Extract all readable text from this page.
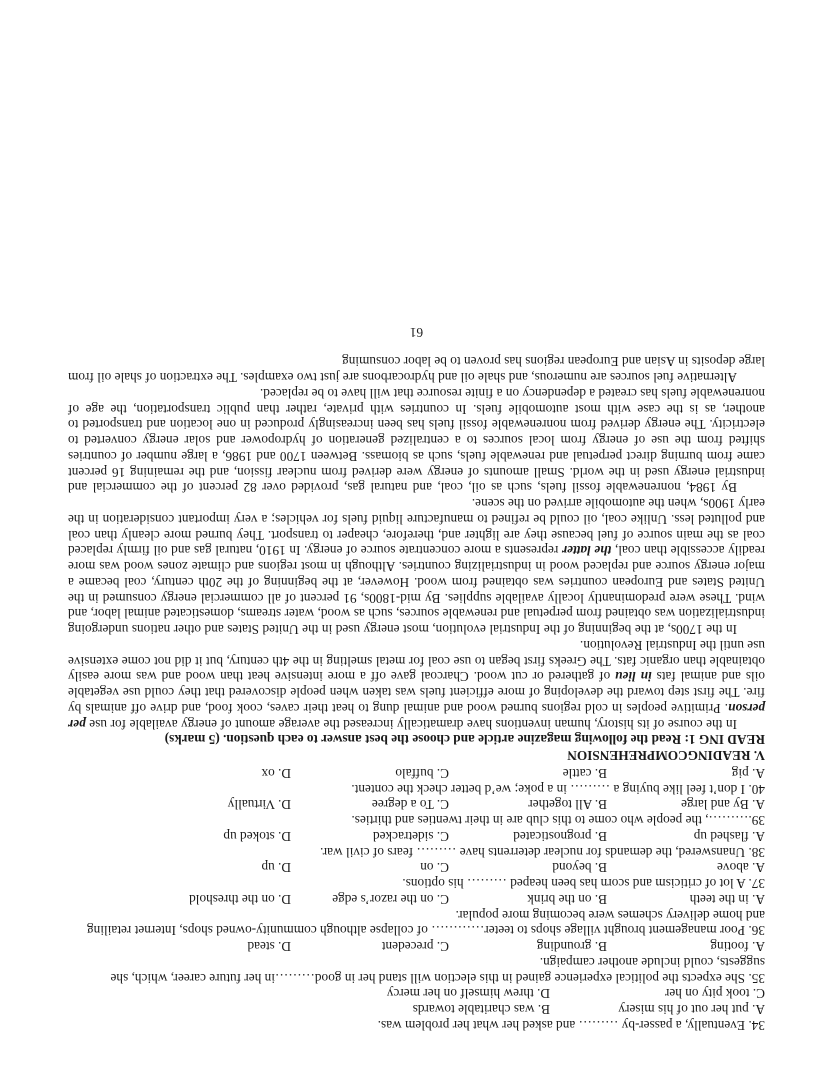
34. Eventually, a passer-by ……… and asked her what her problem was.

A. put her out of his misery
B. was charitable towards
C. took pity on her
D. threw himself on her mercy

35. She expects the political experience gained in this election will stand her in good………in her future career, which, she suggests, could include another campaign.

A. footing
B. grounding
C. precedent
D. stead

36. Poor management brought village shops to teeter………… of collapse although community-owned shops, Internet retailing and home delivery schemes were becoming more popular.

A. in the teeth
B. on the brink
C. on the razor’s edge
D. on the threshold

37. A lot of criticism and scorn has been heaped ……… his options.

A. above
B. beyond
C. on
D. up

38. Unanswered, the demands for nuclear deterrents have ……… fears of civil war.

A. flashed up
B. prognosticated
C. sidetracked
D. stoked up

39.………, the people who come to this club are in their twenties and thirties.

A. By and large
B. All together
C. To a degree
D. Virtually

40. I don’t feel like buying a ……… in a poke; we’d better check the content.

A. pig
B. cattle
C. buffalo
D. ox
V. READINGCOMPREHENSION
READ ING 1: Read the following magazine article and choose the best answer to each question. (5 marks)

In the course of its history, human inventions have dramatically increased the average amount of energy available for use per person. Primitive peoples in cold regions burned wood and animal dung to heat their caves, cook food, and drive off animals by fire. The first step toward the developing of more efficient fuels was taken when people discovered that they could use vegetable oils and animal fats in lieu of gathered or cut wood. Charcoal gave off a more intensive heat than wood and was more easily obtainable than organic fats. The Greeks first began to use coal for metal smelting in the 4th century, but it did not come extensive use until the Industrial Revolution.

In the 1700s, at the beginning of the Industrial evolution, most energy used in the United States and other nations undergoing industrialization was obtained from perpetual and renewable sources, such as wood, water streams, domesticated animal labor, and wind. These were predominantly locally available supplies. By mid-1800s, 91 percent of all commercial energy consumed in the United States and European countries was obtained from wood. However, at the beginning of the 20th century, coal became a major energy source and replaced wood in industrializing countries. Although in most regions and climate zones wood was more readily accessible than coal, the latter represents a more concentrate source of energy. In 1910, natural gas and oil firmly replaced coal as the main source of fuel because they are lighter and, therefore, cheaper to transport. They burned more cleanly than coal and polluted less. Unlike coal, oil could be refined to manufacture liquid fuels for vehicles; a very important consideration in the early 1900s, when the automobile arrived on the scene.

By 1984, nonrenewable fossil fuels, such as oil, coal, and natural gas, provided over 82 percent of the commercial and industrial energy used in the world. Small amounts of energy were derived from nuclear fission, and the remaining 16 percent came from burning direct perpetual and renewable fuels, such as biomass. Between 1700 and 1986, a large number of countries shifted from the use of energy from local sources to a centralized generation of hydropower and solar energy converted to electricity. The energy derived from nonrenewable fossil fuels has been increasingly produced in one location and transported to another, as is the case with most automobile fuels. In countries with private, rather than public transportation, the age of nonrenewable fuels has created a dependency on a finite resource that will have to be replaced.

Alternative fuel sources are numerous, and shale oil and hydrocarbons are just two examples. The extraction of shale oil from large deposits in Asian and European regions has proven to be labor consuming

61
